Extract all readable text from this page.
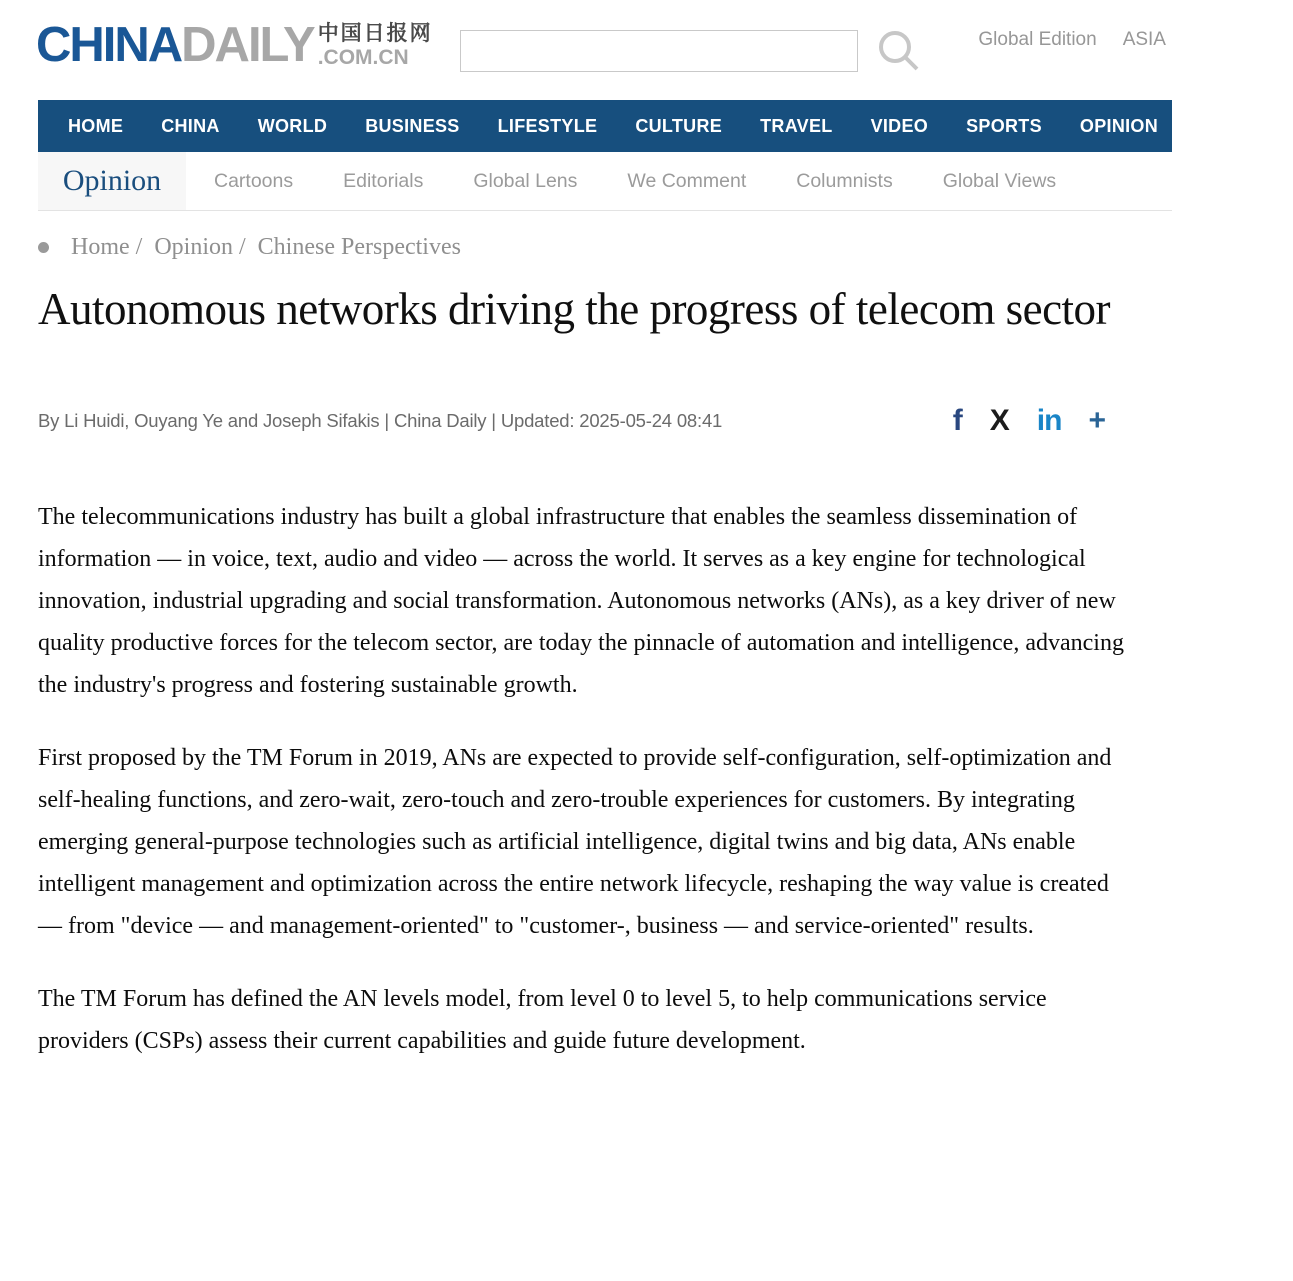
CHINA DAILY 中国日报网
.COM.CN
Global Edition ASIA
HOME CHINA WORLD BUSINESS LIFESTYLE CULTURE TRAVEL VIDEO SPORTS OPINION REGIONAL
Opinion	Cartoons	Editorials	Global Lens	We Comment	Columnists	Global Views
Home /  Opinion /  Chinese Perspectives
Autonomous networks driving the progress of telecom sector
By Li Huidi, Ouyang Ye and Joseph Sifakis | China Daily | Updated: 2025-05-24 08:41	f X in +

The telecommunications industry has built a global infrastructure that enables the seamless dissemination of information — in voice, text, audio and video — across the world. It serves as a key engine for technological innovation, industrial upgrading and social transformation. Autonomous networks (ANs), as a key driver of new quality productive forces for the telecom sector, are today the pinnacle of automation and intelligence, advancing the industry's progress and fostering sustainable growth.

First proposed by the TM Forum in 2019, ANs are expected to provide self-configuration, self-optimization and self-healing functions, and zero-wait, zero-touch and zero-trouble experiences for customers. By integrating emerging general-purpose technologies such as artificial intelligence, digital twins and big data, ANs enable intelligent management and optimization across the entire network lifecycle, reshaping the way value is created — from "device — and management-oriented" to "customer-, business — and service-oriented" results.

The TM Forum has defined the AN levels model, from level 0 to level 5, to help communications service providers (CSPs) assess their current capabilities and guide future development.
